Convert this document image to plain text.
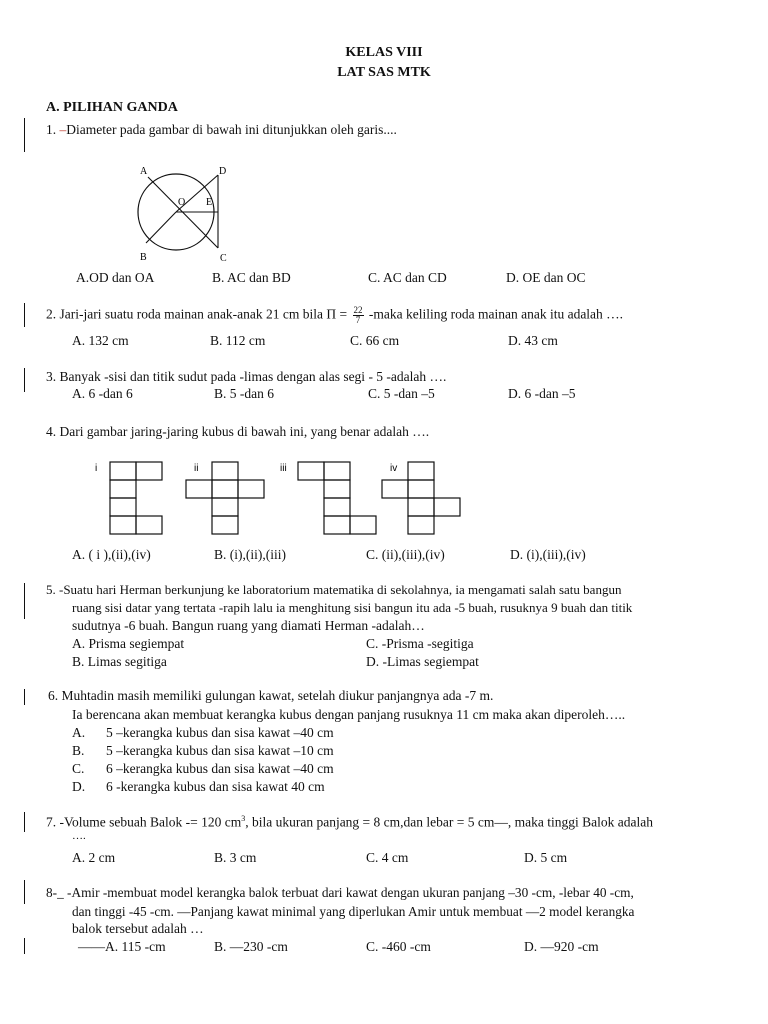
KELAS VIII
LAT SAS MTK
A. PILIHAN GANDA
1. –Diameter pada gambar di bawah ini ditunjukkan oleh garis....
A	D
O E
B	C
A.OD dan OA	B. AC dan BD	C. AC dan CD	D. OE dan OC
2. Jari-jari suatu roda mainan anak-anak 21 cm bila $\Pi = \frac{22}{7}$ -maka keliling roda mainan anak itu adalah ….
A. 132 cm	B. 112 cm	C. 66 cm	D. 43 cm
3. Banyak -sisi dan titik sudut pada -limas dengan alas segi - 5 -adalah ….
A. 6 -dan 6	B. 5 -dan 6	C. 5 -dan –5	D. 6 -dan –5
4. Dari gambar jaring-jaring kubus di bawah ini, yang benar adalah ….
i	ii	iii	iv
A. ( i ),(ii),(iv)	B. (i),(ii),(iii)	C. (ii),(iii),(iv)	D. (i),(iii),(iv)
5. -Suatu hari Herman berkunjung ke laboratorium matematika di sekolahnya, ia mengamati salah satu bangun
ruang sisi datar yang tertata -rapih lalu ia menghitung sisi bangun itu ada -5 buah, rusuknya 9 buah dan titik
sudutnya -6 buah. Bangun ruang yang diamati Herman -adalah…
A. Prisma segiempat	C. -Prisma -segitiga
B. Limas segitiga	D. -Limas segiempat
6. Muhtadin masih memiliki gulungan kawat, setelah diukur panjangnya ada -7 m.
Ia berencana akan membuat kerangka kubus dengan panjang rusuknya 11 cm maka akan diperoleh…..
A. 5 –kerangka kubus dan sisa kawat –40 cm
B. 5 –kerangka kubus dan sisa kawat –10 cm
C. 6 –kerangka kubus dan sisa kawat –40 cm
D. 6 -kerangka kubus dan sisa kawat 40 cm
7. -Volume sebuah Balok -= 120 $cm^3$, bila ukuran panjang = 8 cm,dan lebar = 5 cm—, maka tinggi Balok adalah
….
A. 2 cm	B. 3 cm	C. 4 cm	D. 5 cm
8-_ -Amir -membuat model kerangka balok terbuat dari kawat dengan ukuran panjang –30 -cm, -lebar 40 -cm,
dan tinggi -45 -cm. —Panjang kawat minimal yang diperlukan Amir untuk membuat —2 model kerangka
balok tersebut adalah …
——A. 115 -cm	B. —230 -cm	C. -460 -cm	D. —920 -cm
